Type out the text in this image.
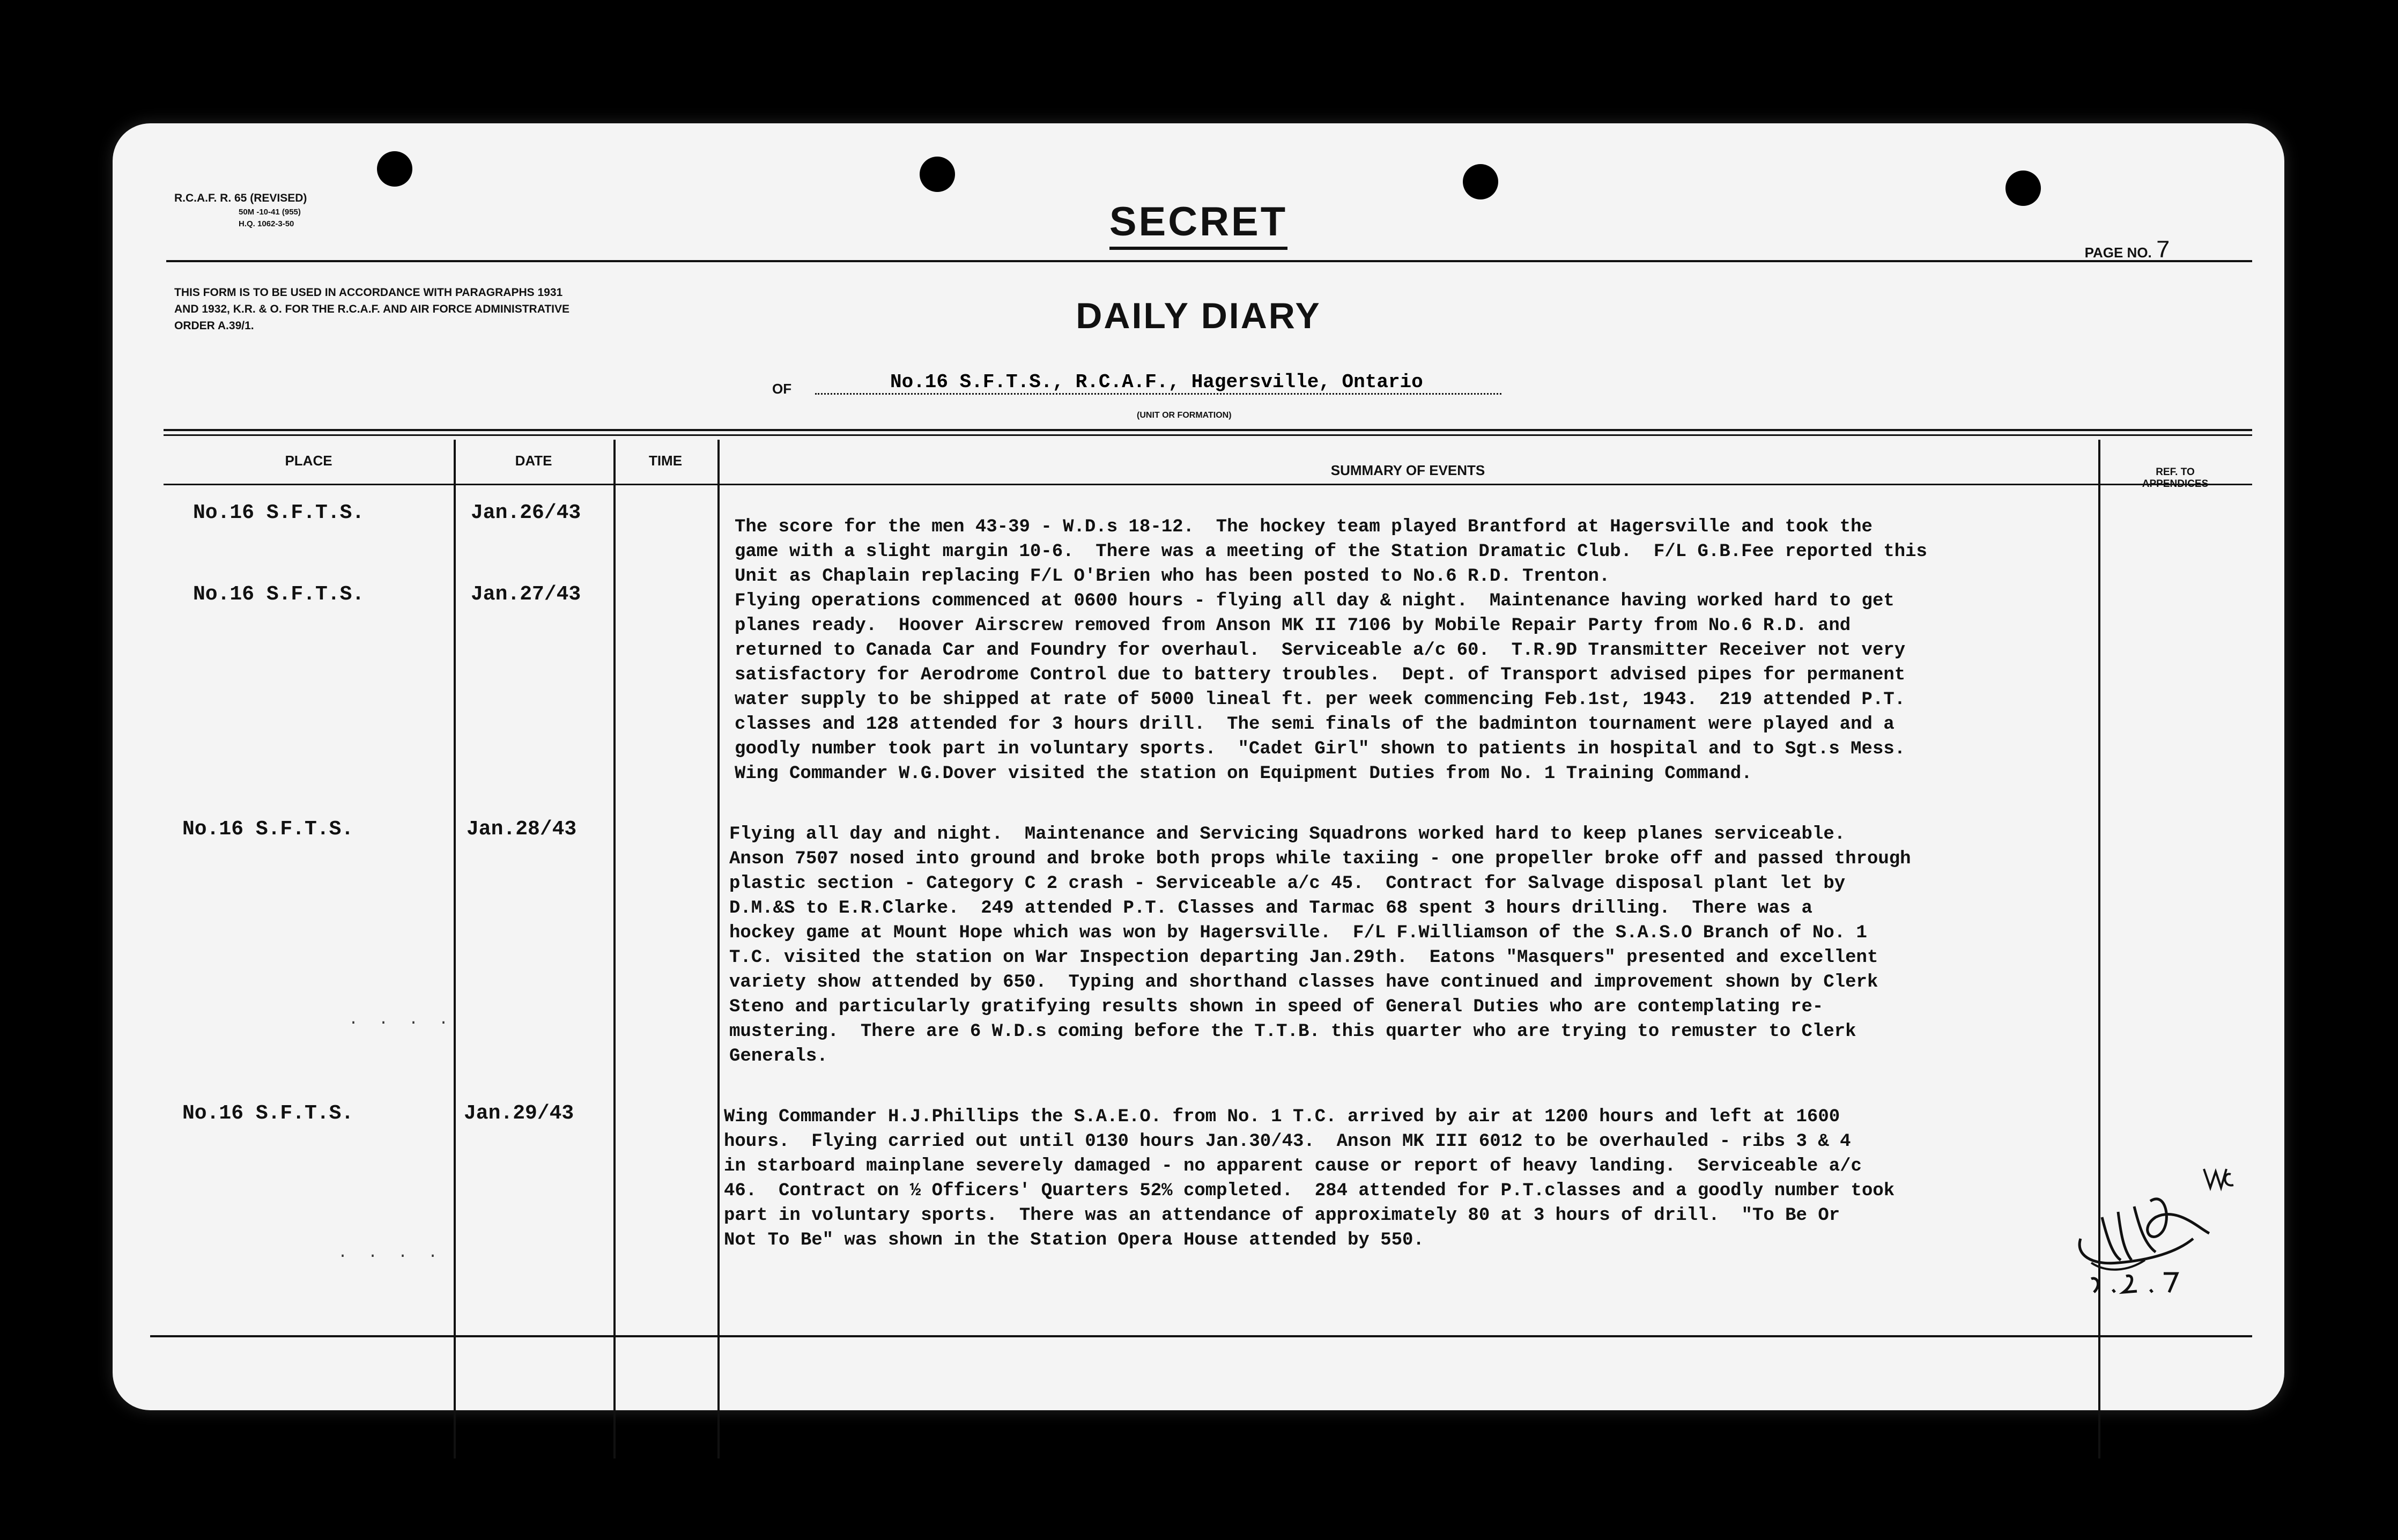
R.C.A.F. R. 65 (REVISED)
50M -10-41 (955)
H.Q. 1062-3-50	SECRET
PAGE NO. 7
THIS FORM IS TO BE USED IN ACCORDANCE WITH PARAGRAPHS 1931 AND 1932, K.R. & O. FOR THE R.C.A.F. AND AIR FORCE ADMINISTRATIVE ORDER A.39/1.	DAILY DIARY
OF	No.16 S.F.T.S., R.C.A.F., Hagersville, Ontario
(UNIT OR FORMATION)
PLACE	DATE	TIME
SUMMARY OF EVENTS	REF. TO
APPENDICES
No.16 S.F.T.S.	Jan.26/43
The score for the men 43-39 - W.D.s 18-12.  The hockey team played Brantford at Hagersville and took the
game with a slight margin 10-6.  There was a meeting of the Station Dramatic Club.  F/L G.B.Fee reported this
Unit as Chaplain replacing F/L O'Brien who has been posted to No.6 R.D. Trenton.
No.16 S.F.T.S.	Jan.27/43	Flying operations commenced at 0600 hours - flying all day & night.  Maintenance having worked hard to get
planes ready.  Hoover Airscrew removed from Anson MK II 7106 by Mobile Repair Party from No.6 R.D. and
returned to Canada Car and Foundry for overhaul.  Serviceable a/c 60.  T.R.9D Transmitter Receiver not very
satisfactory for Aerodrome Control due to battery troubles.  Dept. of Transport advised pipes for permanent
water supply to be shipped at rate of 5000 lineal ft. per week commencing Feb.1st, 1943.  219 attended P.T.
classes and 128 attended for 3 hours drill.  The semi finals of the badminton tournament were played and a
goodly number took part in voluntary sports.  "Cadet Girl" shown to patients in hospital and to Sgt.s Mess.
Wing Commander W.G.Dover visited the station on Equipment Duties from No. 1 Training Command.
No.16 S.F.T.S.	Jan.28/43	Flying all day and night.  Maintenance and Servicing Squadrons worked hard to keep planes serviceable.
Anson 7507 nosed into ground and broke both props while taxiing - one propeller broke off and passed through
plastic section - Category C 2 crash - Serviceable a/c 45.  Contract for Salvage disposal plant let by
D.M.&S to E.R.Clarke.  249 attended P.T. Classes and Tarmac 68 spent 3 hours drilling.  There was a
hockey game at Mount Hope which was won by Hagersville.  F/L F.Williamson of the S.A.S.O Branch of No. 1
T.C. visited the station on War Inspection departing Jan.29th.  Eatons "Masquers" presented and excellent
variety show attended by 650.  Typing and shorthand classes have continued and improvement shown by Clerk
Steno and particularly gratifying results shown in speed of General Duties who are contemplating re-
mustering.  There are 6 W.D.s coming before the T.T.B. this quarter who are trying to remuster to Clerk
Generals.
. . . .
No.16 S.F.T.S.	Jan.29/43	Wing Commander H.J.Phillips the S.A.E.O. from No. 1 T.C. arrived by air at 1200 hours and left at 1600
hours.  Flying carried out until 0130 hours Jan.30/43.  Anson MK III 6012 to be overhauled - ribs 3 & 4
in starboard mainplane severely damaged - no apparent cause or report of heavy landing.  Serviceable a/c
46.  Contract on ½ Officers' Quarters 52% completed.  284 attended for P.T.classes and a goodly number took
part in voluntary sports.  There was an attendance of approximately 80 at 3 hours of drill.  "To Be Or
Not To Be" was shown in the Station Opera House attended by 550.
. . . .
